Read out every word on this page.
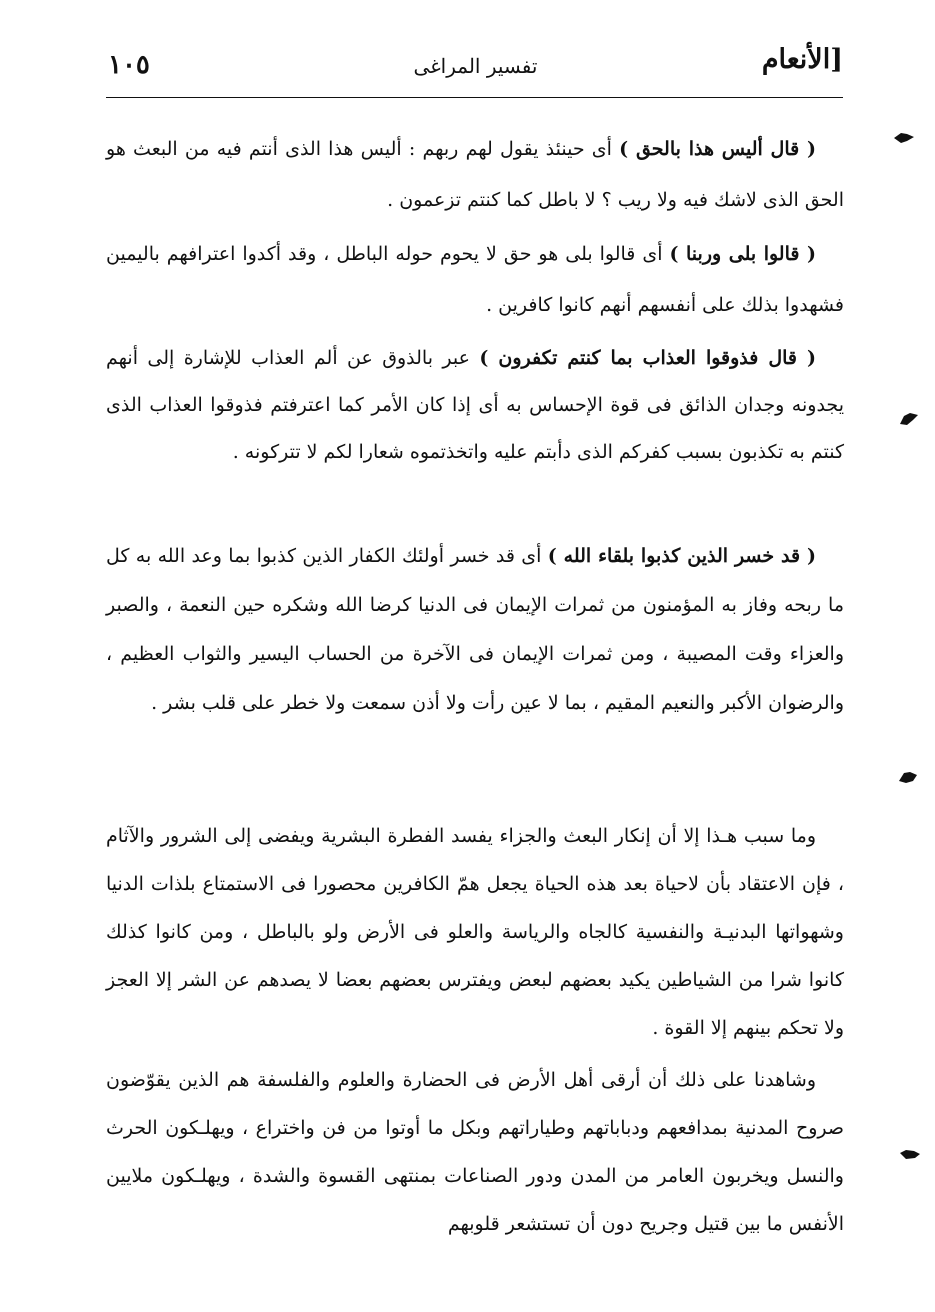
[الأنعام
تفسير المراغى
١٠٥

( قال أليس هذا بالحق ) أى حينئذ يقول لهم ربهم : أليس هذا الذى أنتم فيه من البعث هو الحق الذى لاشك فيه ولا ريب ؟ لا باطل كما كنتم تزعمون .

( قالوا بلى وربنا ) أى قالوا بلى هو حق لا يحوم حوله الباطل ، وقد أكدوا اعترافهم باليمين فشهدوا بذلك على أنفسهم أنهم كانوا كافرين .

( قال فذوقوا العذاب بما كنتم تكفرون ) عبر بالذوق عن ألم العذاب للإشارة إلى أنهم يجدونه وجدان الذائق فى قوة الإحساس به أى إذا كان الأمر كما اعترفتم فذوقوا العذاب الذى كنتم به تكذبون بسبب كفركم الذى دأبتم عليه واتخذتموه شعارا لكم لا تتركونه .

( قد خسر الذين كذبوا بلقاء الله ) أى قد خسر أولئك الكفار الذين كذبوا بما وعد الله به كل ما ربحه وفاز به المؤمنون من ثمرات الإيمان فى الدنيا كرضا الله وشكره حين النعمة ، والصبر والعزاء وقت المصيبة ، ومن ثمرات الإيمان فى الآخرة من الحساب اليسير والثواب العظيم ، والرضوان الأكبر والنعيم المقيم ، بما لا عين رأت ولا أذن سمعت ولا خطر على قلب بشر .

وما سبب هـذا إلا أن إنكار البعث والجزاء يفسد الفطرة البشرية ويفضى إلى الشرور والآثام ، فإن الاعتقاد بأن لاحياة بعد هذه الحياة يجعل همّ الكافرين محصورا فى الاستمتاع بلذات الدنيا وشهواتها البدنيـة والنفسية كالجاه والرياسة والعلو فى الأرض ولو بالباطل ، ومن كانوا كذلك كانوا شرا من الشياطين يكيد بعضهم لبعض ويفترس بعضهم بعضا لا يصدهم عن الشر إلا العجز ولا تحكم بينهم إلا القوة .

وشاهدنا على ذلك أن أرقى أهل الأرض فى الحضارة والعلوم والفلسفة هم الذين يقوّضون صروح المدنية بمدافعهم ودباباتهم وطياراتهم وبكل ما أوتوا من فن واختراع ، ويهلـكون الحرث والنسل ويخربون العامر من المدن ودور الصناعات بمنتهى القسوة والشدة ، ويهلـكون ملايين الأنفس ما بين قتيل وجريح دون أن تستشعر قلوبهم
